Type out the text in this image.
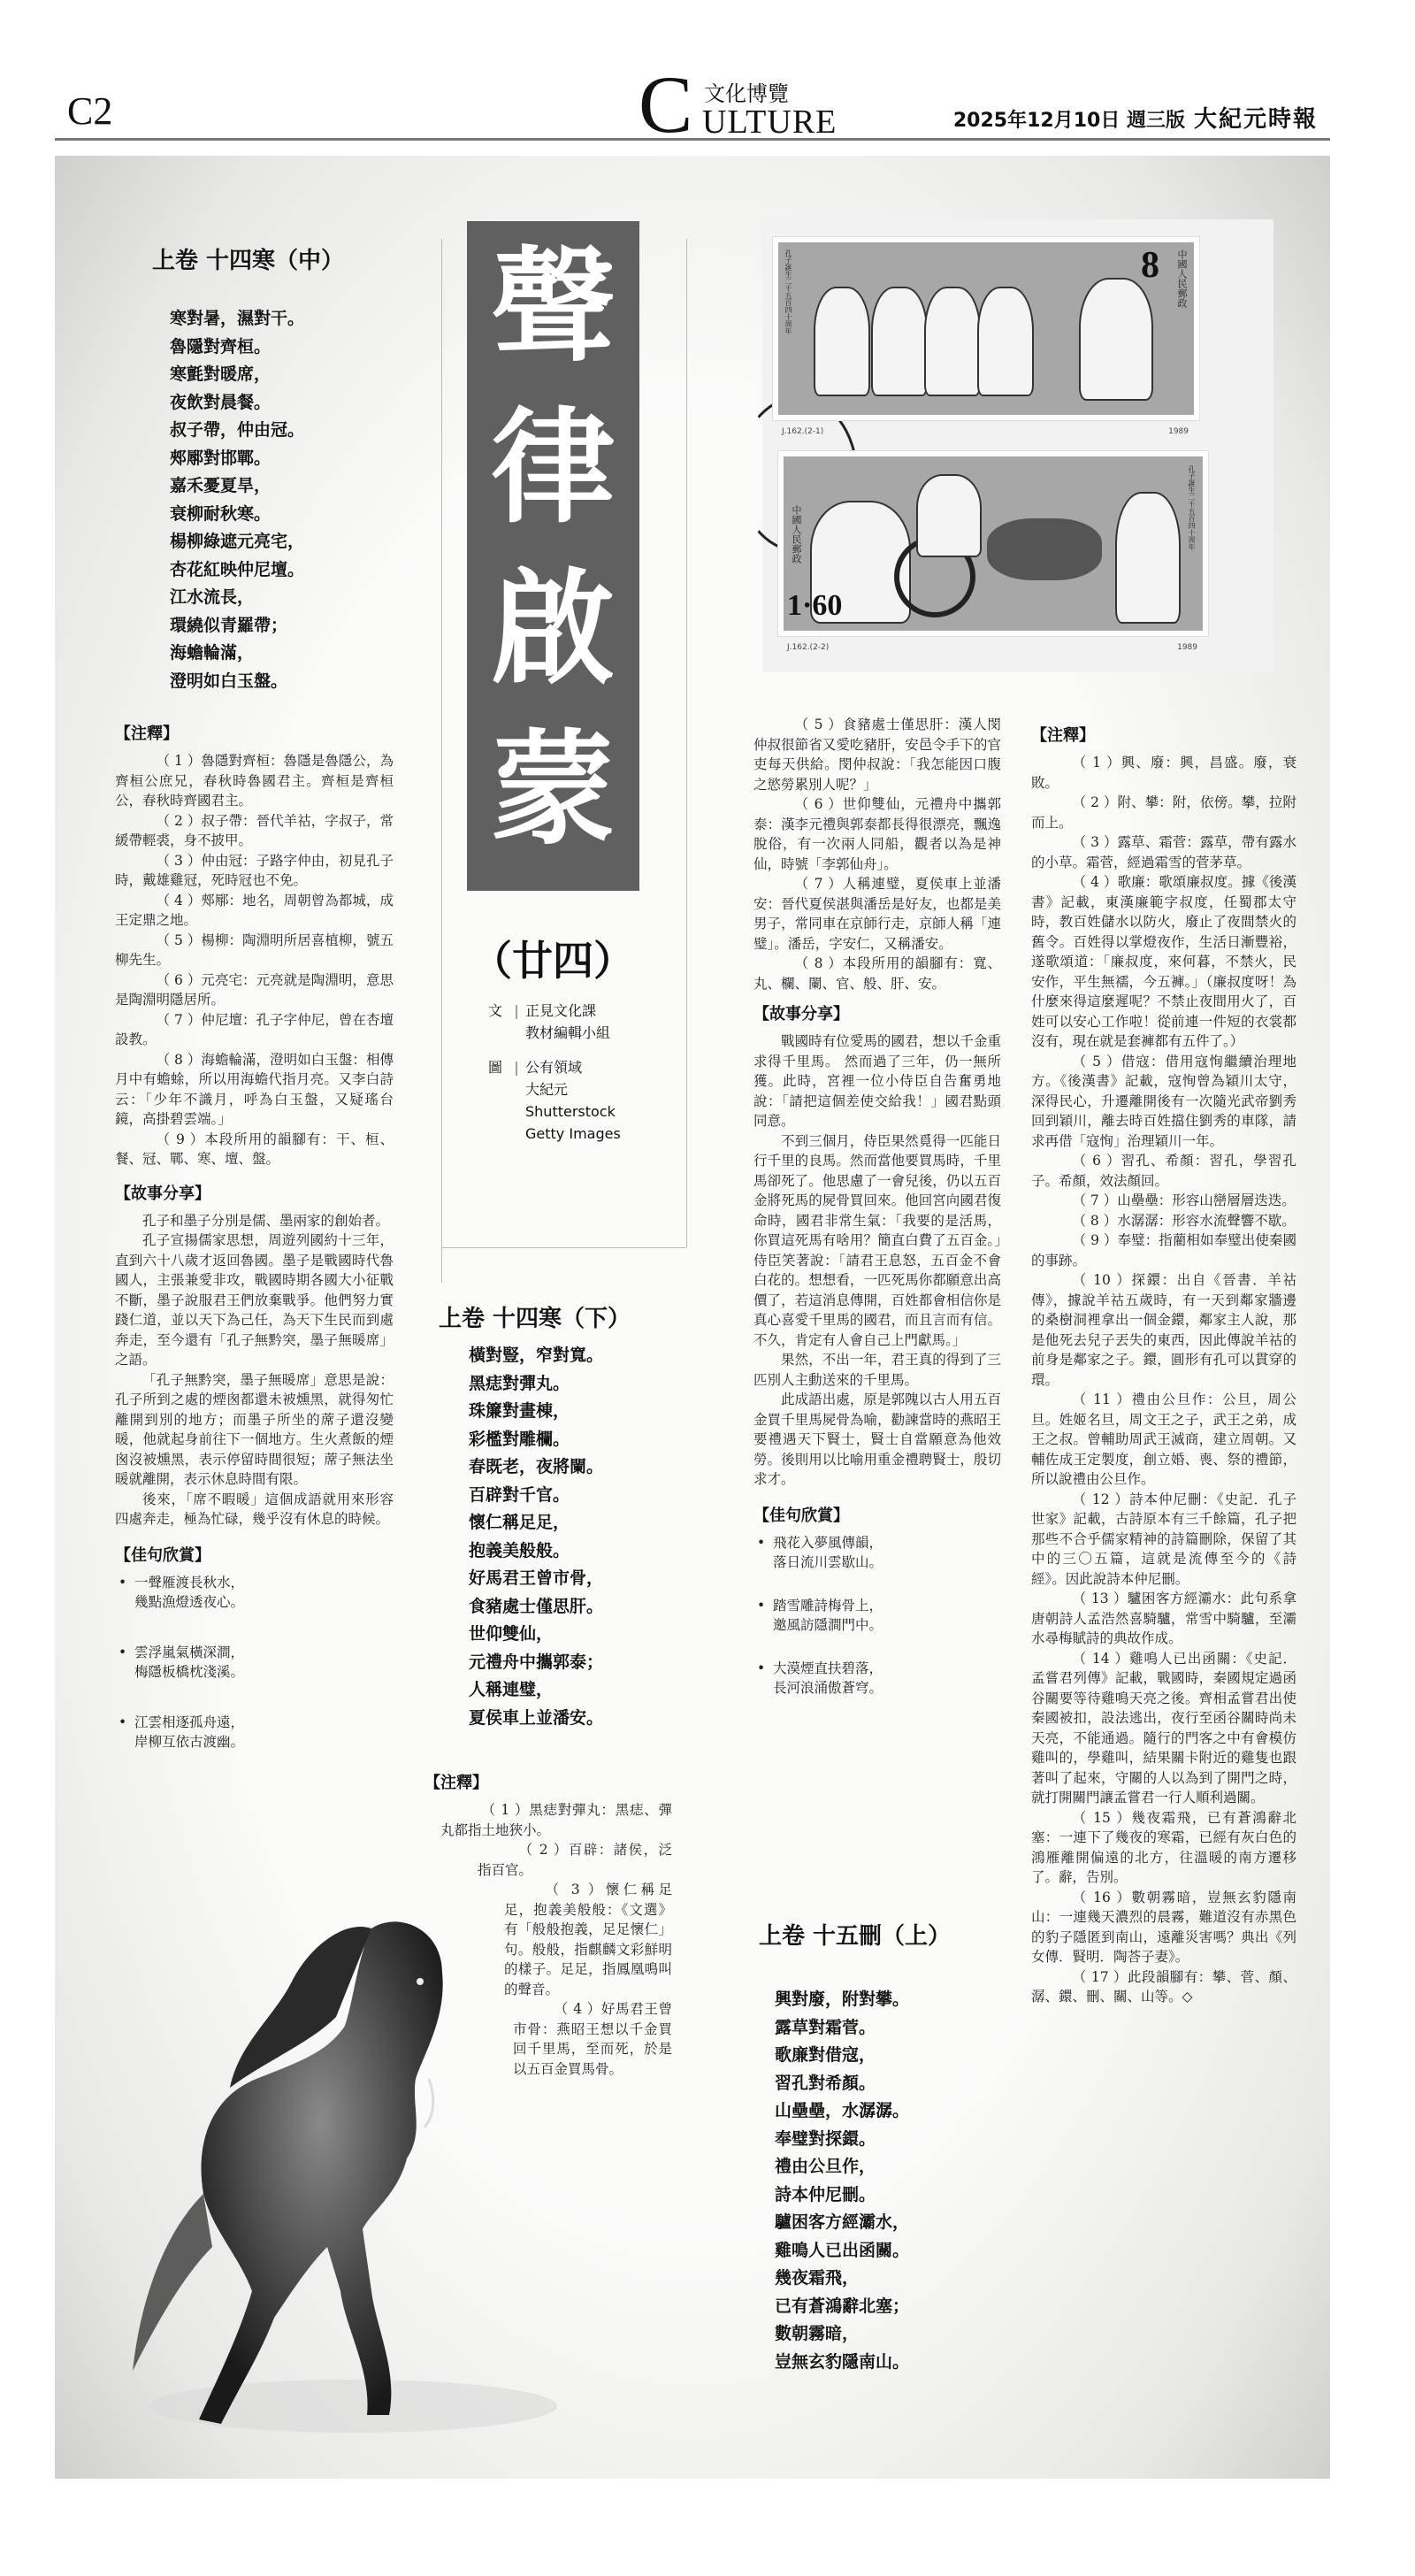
C2	C 文化博覽
ULTURE	2025年12月10日 週三版 大紀元時報
上卷 十四寒（中）
寒對暑，濕對干。
魯隱對齊桓。
寒氈對暖席，
夜飲對晨餐。
叔子帶，仲由冠。
郟鄏對邯鄲。
嘉禾憂夏旱，
衰柳耐秋寒。
楊柳綠遮元亮宅，
杏花紅映仲尼壇。
江水流長，
環繞似青羅帶；
海蟾輪滿，
澄明如白玉盤。
【注釋】

（ 1 ）魯隱對齊桓：魯隱是魯隱公，為齊桓公庶兄，春秋時魯國君主。齊桓是齊桓公，春秋時齊國君主。

（ 2 ）叔子帶：晉代羊祜，字叔子，常緩帶輕裘，身不披甲。

（ 3 ）仲由冠：子路字仲由，初見孔子時，戴雄雞冠，死時冠也不免。

（ 4 ）郟鄏：地名，周朝曾為都城，成王定鼎之地。

（ 5 ）楊柳：陶淵明所居喜植柳，號五柳先生。

（ 6 ）元亮宅：元亮就是陶淵明，意思是陶淵明隱居所。

（ 7 ）仲尼壇：孔子字仲尼，曾在杏壇設教。

（ 8 ）海蟾輪滿，澄明如白玉盤：相傳月中有蟾蜍，所以用海蟾代指月亮。又李白詩云：「少年不識月，呼為白玉盤，又疑瑤台鏡，高掛碧雲端。」

（ 9 ）本段所用的韻腳有：干、桓、餐、冠、鄲、寒、壇、盤。

【故事分享】

孔子和墨子分別是儒、墨兩家的創始者。

孔子宣揚儒家思想，周遊列國約十三年，直到六十八歲才返回魯國。墨子是戰國時代魯國人，主張兼愛非攻，戰國時期各國大小征戰不斷，墨子說服君王們放棄戰爭。他們努力實踐仁道，並以天下為己任，為天下生民而到處奔走，至今還有「孔子無黔突，墨子無暖席」之語。

「孔子無黔突，墨子無暖席」意思是說：孔子所到之處的煙囪都還未被燻黑，就得匆忙離開到別的地方；而墨子所坐的蓆子還沒變暖，他就起身前往下一個地方。生火煮飯的煙囪沒被燻黑，表示停留時間很短；蓆子無法坐暖就離開，表示休息時間有限。

後來，「席不暇暖」這個成語就用來形容四處奔走，極為忙碌，幾乎沒有休息的時候。

【佳句欣賞】
• 一聲雁渡長秋水，
幾點漁燈透夜心。
• 雲浮嵐氣橫深澗，
梅隱板橋枕淺溪。
• 江雲相逐孤舟遠，
岸柳互依古渡幽。
聲
律
啟
蒙
（廿四）
文 | 正見文化課
教材編輯小組
圖 | 公有領域
大紀元
Shutterstock
Getty Images
上卷 十四寒（下）
橫對豎，窄對寬。
黑痣對彈丸。
珠簾對畫棟，
彩檻對雕欄。
春既老，夜將闌。
百辟對千官。
懷仁稱足足，
抱義美般般。
好馬君王曾市骨，
食豬處士僅思肝。
世仰雙仙，
元禮舟中攜郭泰；
人稱連璧，
夏侯車上並潘安。
【注釋】

（ 1 ）黑痣對彈丸：黑痣、彈丸都指土地狹小。

（ 2 ）百辟：諸侯，泛指百官。

（ 3 ）懷仁稱足足，抱義美般般：《文選》有「般般抱義，足足懷仁」句。般般，指麒麟文彩鮮明的樣子。足足，指鳳凰鳴叫的聲音。

（ 4 ）好馬君王曾市骨：燕昭王想以千金買回千里馬，至而死，於是以五百金買馬骨。

孔子誕生二千五百四十周年	8 中國人民郵政
J.162.(2-1)	1989
中國人民郵政
1·60
孔子誕生二千五百四十周年
J.162.(2-2)	1989

（ 5 ）食豬處士僅思肝：漢人閔仲叔很節省又愛吃豬肝，安邑令手下的官吏每天供給。閔仲叔說：「我怎能因口腹之慾勞累別人呢？」

（ 6 ）世仰雙仙，元禮舟中攜郭泰：漢李元禮與郭泰都長得很漂亮，飄逸脫俗，有一次兩人同船，觀者以為是神仙，時號「李郭仙舟」。

（ 7 ）人稱連璧，夏侯車上並潘安：晉代夏侯湛與潘岳是好友，也都是美男子，常同車在京師行走，京師人稱「連璧」。潘岳，字安仁，又稱潘安。

（ 8 ）本段所用的韻腳有：寬、丸、欄、闌、官、般、肝、安。

【故事分享】

戰國時有位愛馬的國君，想以千金重求得千里馬。 然而過了三年，仍一無所獲。此時，宮裡一位小侍臣自告奮勇地說：「請把這個差使交給我！」國君點頭同意。

不到三個月，侍臣果然覓得一匹能日行千里的良馬。然而當他要買馬時，千里馬卻死了。他思慮了一會兒後，仍以五百金將死馬的屍骨買回來。他回宮向國君復命時，國君非常生氣：「我要的是活馬，你買這死馬有啥用？簡直白費了五百金。」侍臣笑著說：「請君王息怒，五百金不會白花的。想想看，一匹死馬你都願意出高價了，若這消息傳開，百姓都會相信你是真心喜愛千里馬的國君，而且言而有信。不久，肯定有人會自己上門獻馬。」

果然，不出一年，君王真的得到了三匹別人主動送來的千里馬。

此成語出處，原是郭隗以古人用五百金買千里馬屍骨為喻，勸諫當時的燕昭王要禮遇天下賢士，賢士自當願意為他效勞。後則用以比喻用重金禮聘賢士，殷切求才。

【佳句欣賞】
• 飛花入夢風傳韻，
落日流川雲歇山。
• 踏雪雕詩梅骨上，
邀風訪隱澗門中。
• 大漠煙直扶碧落，
長河浪涌傲蒼穹。
上卷 十五刪（上）
興對廢，附對攀。
露草對霜菅。
歌廉對借寇，
習孔對希顏。
山壘壘，水潺潺。
奉璧對探鐶。
禮由公旦作，
詩本仲尼刪。
驢困客方經灞水，
雞鳴人已出函關。
幾夜霜飛，
已有蒼鴻辭北塞；
數朝霧暗，
豈無玄豹隱南山。
【注釋】

（ 1 ）興、廢：興，昌盛。廢，衰敗。

（ 2 ）附、攀：附，依傍。攀，拉附而上。

（ 3 ）露草、霜菅：露草，帶有露水的小草。霜菅，經過霜雪的菅茅草。

（ 4 ）歌廉：歌頌廉叔度。據《後漢書》記載，東漢廉範字叔度，任蜀郡太守時，教百姓儲水以防火，廢止了夜間禁火的舊令。百姓得以掌燈夜作，生活日漸豐裕，遂歌頌道：「廉叔度，來何暮，不禁火，民安作，平生無襦，今五褲。」（廉叔度呀！為什麼來得這麼遲呢？不禁止夜間用火了，百姓可以安心工作啦！從前連一件短的衣裳都沒有，現在就是套褲都有五件了。）

（ 5 ）借寇：借用寇恂繼續治理地方。《後漢書》記載，寇恂曾為穎川太守，深得民心，升遷離開後有一次隨光武帝劉秀回到穎川，離去時百姓擋住劉秀的車隊，請求再借「寇恂」治理穎川一年。

（ 6 ）習孔、希顏：習孔，學習孔子。希顏，效法顏回。

（ 7 ）山壘壘：形容山巒層層迭迭。

（ 8 ）水潺潺：形容水流聲響不歇。

（ 9 ）奉璧：指藺相如奉璧出使秦國的事跡。

（ 10 ）探鐶：出自《晉書．羊祜傳》，據說羊祜五歲時，有一天到鄰家牆邊的桑樹洞裡拿出一個金鐶，鄰家主人說，那是他死去兒子丟失的東西，因此傳說羊祜的前身是鄰家之子。鐶，圓形有孔可以貫穿的環。

（ 11 ）禮由公旦作：公旦，周公旦。姓姬名旦，周文王之子，武王之弟，成王之叔。曾輔助周武王滅商，建立周朝。又輔佐成王定製度，創立婚、喪、祭的禮節，所以說禮由公旦作。

（ 12 ）詩本仲尼刪：《史記．孔子世家》記載，古詩原本有三千餘篇，孔子把那些不合乎儒家精神的詩篇刪除，保留了其中的三〇五篇，這就是流傳至今的《詩經》。因此說詩本仲尼刪。

（ 13 ）驢困客方經灞水：此句系拿唐朝詩人孟浩然喜騎驢，常雪中騎驢，至灞水尋梅賦詩的典故作成。

（ 14 ）雞鳴人已出函關：《史記．孟嘗君列傳》記載，戰國時，秦國規定過函谷關要等待雞鳴天亮之後。齊相孟嘗君出使秦國被扣，設法逃出，夜行至函谷關時尚未天亮，不能通過。隨行的門客之中有會模仿雞叫的，學雞叫，結果關卡附近的雞隻也跟著叫了起來，守關的人以為到了開門之時，就打開關門讓孟嘗君一行人順利過關。

（ 15 ）幾夜霜飛，已有蒼鴻辭北塞：一連下了幾夜的寒霜，已經有灰白色的鴻雁離開偏遠的北方，往溫暖的南方遷移了。辭，告別。

（ 16 ）數朝霧暗，豈無玄豹隱南山：一連幾天濃烈的晨霧，難道沒有赤黑色的豹子隱匿到南山，遠離災害嗎？典出《列女傳．賢明．陶荅子妻》。

（ 17 ）此段韻腳有：攀、菅、顏、潺、鐶、刪、關、山等。◇
